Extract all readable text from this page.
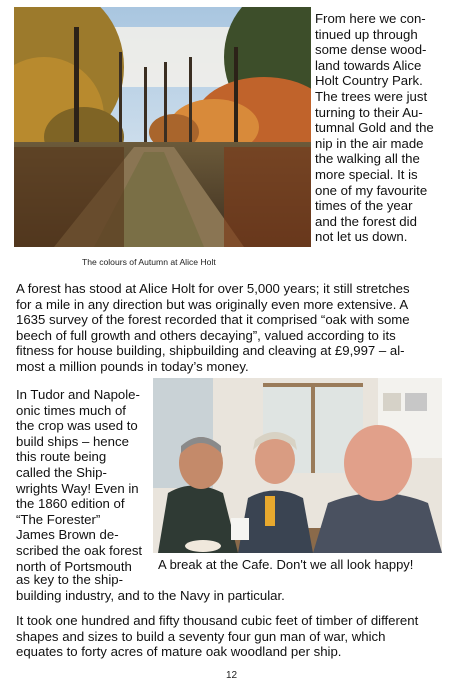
From here we con-
tinued up through
some dense wood-
land towards Alice
Holt Country Park.
The trees were just
turning to their Au-
tumnal Gold and the
nip in the air made
the walking all the
more special. It is
one of my favourite
times of the year
and the forest did
not let us down.
The colours of Autumn at Alice Holt
A forest has stood at Alice Holt for over 5,000 years; it still stretches
for a mile in any direction but was originally even more extensive. A
1635 survey of the forest recorded that it comprised “oak with some
beech of full growth and others decaying”, valued according to its
fitness for house building, shipbuilding and cleaving at £9,997 – al-
most a million pounds in today’s money.
In Tudor and Napole-
onic times much of
the crop was used to
build ships – hence
this route being
called the Ship-
wrights Way! Even in
the 1860 edition of
“The Forester”
James Brown de-
scribed the oak forest
north of Portsmouth	A break at the Cafe. Don't we all look happy!
as key to the ship-
building industry, and to the Navy in particular.
It took one hundred and fifty thousand cubic feet of timber of different
shapes and sizes to build a seventy four gun man of war, which
equates to forty acres of mature oak woodland per ship.
12
